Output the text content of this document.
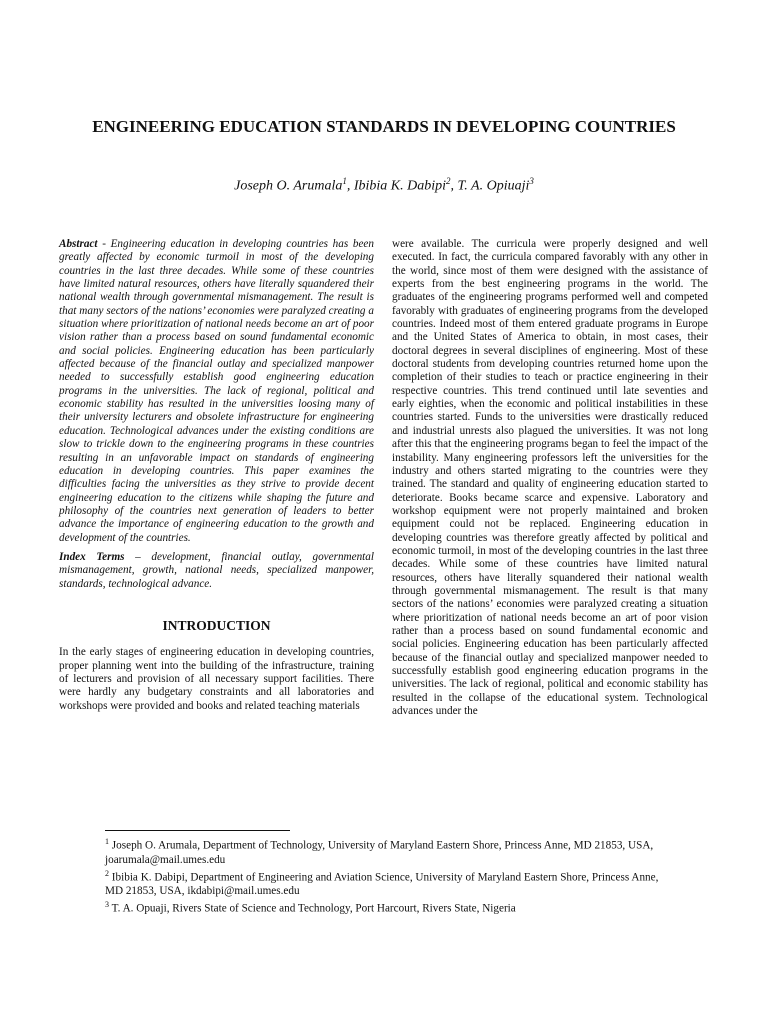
ENGINEERING EDUCATION STANDARDS IN DEVELOPING COUNTRIES
Joseph O. Arumala$^1$, Ibibia K. Dabipi$^2$, T. A. Opiuaji$^3$

Abstract - Engineering education in developing countries has been greatly affected by economic turmoil in most of the developing countries in the last three decades. While some of these countries have limited natural resources, others have literally squandered their national wealth through governmental mismanagement. The result is that many sectors of the nations’ economies were paralyzed creating a situation where prioritization of national needs become an art of poor vision rather than a process based on sound fundamental economic and social policies. Engineering education has been particularly affected because of the financial outlay and specialized manpower needed to successfully establish good engineering education programs in the universities. The lack of regional, political and economic stability has resulted in the universities loosing many of their university lecturers and obsolete infrastructure for engineering education. Technological advances under the existing conditions are slow to trickle down to the engineering programs in these countries resulting in an unfavorable impact on standards of engineering education in developing countries. This paper examines the difficulties facing the universities as they strive to provide decent engineering education to the citizens while shaping the future and philosophy of the countries next generation of leaders to better advance the importance of engineering education to the growth and development of the countries.

Index Terms – development, financial outlay, governmental mismanagement, growth, national needs, specialized manpower, standards, technological advance.

INTRODUCTION

In the early stages of engineering education in developing countries, proper planning went into the building of the infrastructure, training of lecturers and provision of all necessary support facilities. There were hardly any budgetary constraints and all laboratories and workshops were provided and books and related teaching materials

were available. The curricula were properly designed and well executed. In fact, the curricula compared favorably with any other in the world, since most of them were designed with the assistance of experts from the best engineering programs in the world. The graduates of the engineering programs performed well and competed favorably with graduates of engineering programs from the developed countries. Indeed most of them entered graduate programs in Europe and the United States of America to obtain, in most cases, their doctoral degrees in several disciplines of engineering. Most of these doctoral students from developing countries returned home upon the completion of their studies to teach or practice engineering in their respective countries. This trend continued until late seventies and early eighties, when the economic and political instabilities in these countries started. Funds to the universities were drastically reduced and industrial unrests also plagued the universities. It was not long after this that the engineering programs began to feel the impact of the instability. Many engineering professors left the universities for the industry and others started migrating to the countries were they trained. The standard and quality of engineering education started to deteriorate. Books became scarce and expensive. Laboratory and workshop equipment were not properly maintained and broken equipment could not be replaced. Engineering education in developing countries was therefore greatly affected by political and economic turmoil, in most of the developing countries in the last three decades. While some of these countries have limited natural resources, others have literally squandered their national wealth through governmental mismanagement. The result is that many sectors of the nations’ economies were paralyzed creating a situation where prioritization of national needs become an art of poor vision rather than a process based on sound fundamental economic and social policies. Engineering education has been particularly affected because of the financial outlay and specialized manpower needed to successfully establish good engineering education programs in the universities. The lack of regional, political and economic stability has resulted in the collapse of the educational system. Technological advances under the

$^1$ Joseph O. Arumala, Department of Technology, University of Maryland Eastern Shore, Princess Anne, MD 21853, USA, joarumala@mail.umes.edu

$^2$ Ibibia K. Dabipi, Department of Engineering and Aviation Science, University of Maryland Eastern Shore, Princess Anne, MD 21853, USA, ikdabipi@mail.umes.edu

$^3$ T. A. Opuaji, Rivers State of Science and Technology, Port Harcourt, Rivers State, Nigeria
